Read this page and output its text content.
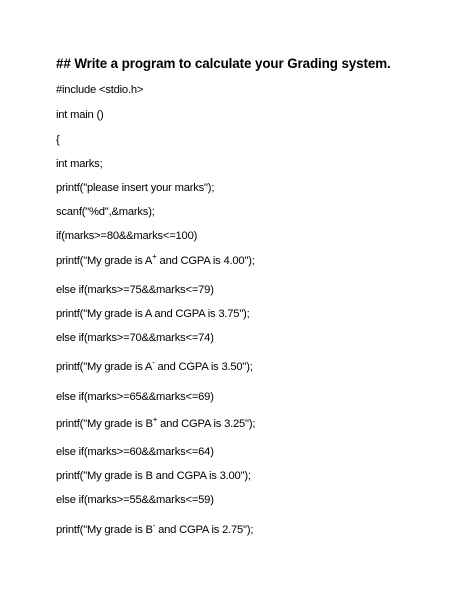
## Write a program to calculate your Grading system.
#include <stdio.h>
int main ()
{
int marks;
printf("please insert your marks");
scanf("%d",&marks);
if(marks>=80&&marks<=100)
printf("My grade is A+ and CGPA is 4.00");
else if(marks>=75&&marks<=79)
printf("My grade is A and CGPA is 3.75");
else if(marks>=70&&marks<=74)
printf("My grade is A- and CGPA is 3.50");
else if(marks>=65&&marks<=69)
printf("My grade is B+ and CGPA is 3.25");
else if(marks>=60&&marks<=64)
printf("My grade is B and CGPA is 3.00");
else if(marks>=55&&marks<=59)
printf("My grade is B- and CGPA is 2.75");
